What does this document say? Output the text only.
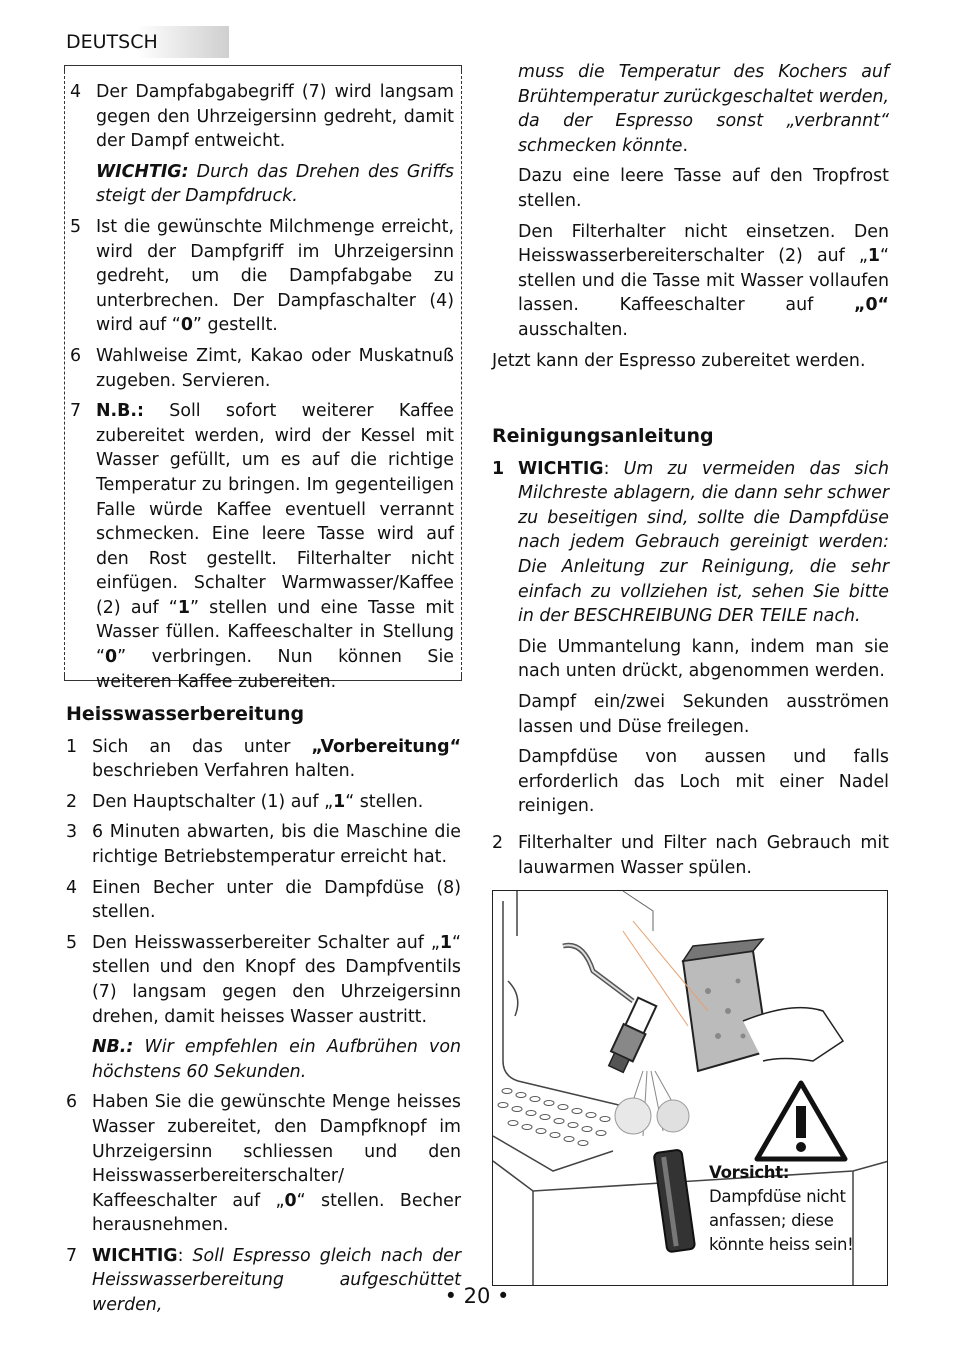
DEUTSCH
4 Der Dampfabgabegriff (7) wird langsam gegen den Uhrzeigersinn gedreht, damit der Dampf entweicht.
WICHTIG: Durch das Drehen des Griffs steigt der Dampfdruck.
5 Ist die gewünschte Milchmenge erreicht, wird der Dampfgriff im Uhrzeigersinn gedreht, um die Dampfabgabe zu unterbrechen. Der Dampfaschalter (4) wird auf “0” gestellt.
6 Wahlweise Zimt, Kakao oder Muskatnuß zugeben. Servieren.
7 N.B.: Soll sofort weiterer Kaffee zubereitet werden, wird der Kessel mit Wasser gefüllt, um es auf die richtige Temperatur zu bringen. Im gegenteiligen Falle würde Kaffee eventuell verrannt schmecken. Eine leere Tasse wird auf den Rost gestellt. Filterhalter nicht einfügen. Schalter Warmwasser/Kaffee (2) auf “1” stellen und eine Tasse mit Wasser füllen. Kaffeeschalter in Stellung “0” verbringen. Nun können Sie weiteren Kaffee zubereiten.
Heisswasserbereitung
1 Sich an das unter „Vorbereitung“ beschrieben Verfahren halten.
2 Den Hauptschalter (1) auf „1“ stellen.
3 6 Minuten abwarten, bis die Maschine die richtige Betriebstemperatur erreicht hat.
4 Einen Becher unter die Dampfdüse (8) stellen.
5 Den Heisswasserbereiter Schalter auf „1“ stellen und den Knopf des Dampfventils (7) langsam gegen den Uhrzeigersinn drehen, damit heisses Wasser austritt.
NB.: Wir empfehlen ein Aufbrühen von höchstens 60 Sekunden.
6 Haben Sie die gewünschte Menge heisses Wasser zubereitet, den Dampfknopf im Uhrzeigersinn schliessen und den Heisswasserbereiterschalter/ Kaffeeschalter auf „0“ stellen. Becher herausnehmen.
7 WICHTIG: Soll Espresso gleich nach der Heisswasserbereitung aufgeschüttet werden,
muss die Temperatur des Kochers auf Brühtemperatur zurückgeschaltet werden, da der Espresso sonst „verbrannt“ schmecken könnte.
Dazu eine leere Tasse auf den Tropfrost stellen.
Den Filterhalter nicht einsetzen. Den Heisswasserbereiterschalter (2) auf „1“ stellen und die Tasse mit Wasser vollaufen lassen. Kaffeeschalter auf „0“ ausschalten.
Jetzt kann der Espresso zubereitet werden.
Reinigungsanleitung
1 WICHTIG: Um zu vermeiden das sich Milchreste ablagern, die dann sehr schwer zu beseitigen sind, sollte die Dampfdüse nach jedem Gebrauch gereinigt werden: Die Anleitung zur Reinigung, die sehr einfach zu vollziehen ist, sehen Sie bitte in der BESCHREIBUNG DER TEILE nach.
Die Ummantelung kann, indem man sie nach unten drückt, abgenommen werden.
Dampf ein/zwei Sekunden ausströmen lassen und Düse freilegen.
Dampfdüse von aussen und falls erforderlich das Loch mit einer Nadel reinigen.
2 Filterhalter und Filter nach Gebrauch mit lauwarmen Wasser spülen.
Vorsicht: Dampfdüse nicht anfassen; diese könnte heiss sein!
• 20 •
